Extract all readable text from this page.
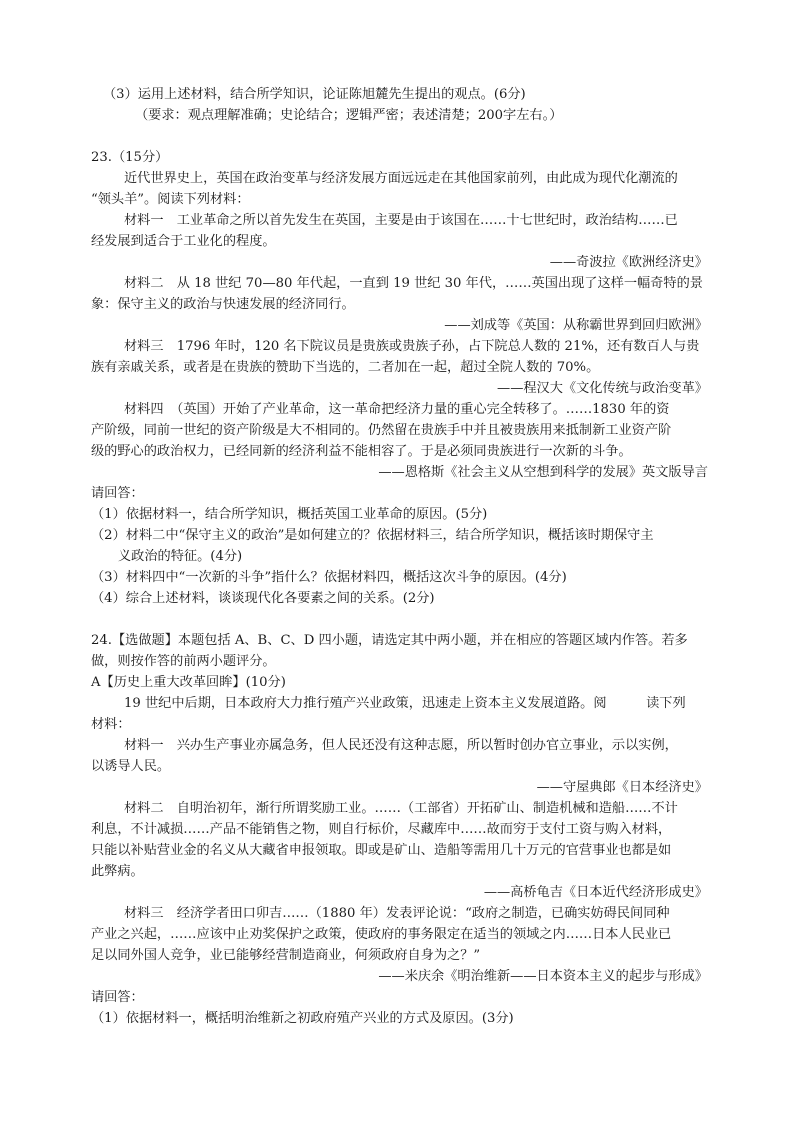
（3）运用上述材料，结合所学知识，论证陈旭麓先生提出的观点。(6分)
（要求：观点理解准确；史论结合；逻辑严密；表述清楚；200字左右。）
23.（15分）
近代世界史上，英国在政治变革与经济发展方面远远走在其他国家前列，由此成为现代化潮流的
“领头羊”。阅读下列材料：
材料一　工业革命之所以首先发生在英国，主要是由于该国在……十七世纪时，政治结构……已
经发展到适合于工业化的程度。
——奇波拉《欧洲经济史》
材料二　从 18 世纪 70—80 年代起，一直到 19 世纪 30 年代，……英国出现了这样一幅奇特的景
象：保守主义的政治与快速发展的经济同行。
——刘成等《英国：从称霸世界到回归欧洲》
材料三　1796 年时，120 名下院议员是贵族或贵族子孙，占下院总人数的 21%，还有数百人与贵
族有亲戚关系，或者是在贵族的赞助下当选的，二者加在一起，超过全院人数的 70%。
——程汉大《文化传统与政治变革》
材料四　（英国）开始了产业革命，这一革命把经济力量的重心完全转移了。……1830 年的资
产阶级，同前一世纪的资产阶级是大不相同的。仍然留在贵族手中并且被贵族用来抵制新工业资产阶
级的野心的政治权力，已经同新的经济利益不能相容了。于是必须同贵族进行一次新的斗争。
——恩格斯《社会主义从空想到科学的发展》英文版导言
请回答：
（1）依据材料一，结合所学知识，概括英国工业革命的原因。(5分)
（2）材料二中“保守主义的政治”是如何建立的？依据材料三，结合所学知识，概括该时期保守主
义政治的特征。(4分)
（3）材料四中“一次新的斗争”指什么？依据材料四，概括这次斗争的原因。(4分)
（4）综合上述材料，谈谈现代化各要素之间的关系。(2分)
24.【选做题】本题包括 A、B、C、D 四小题，请选定其中两小题，并在相应的答题区域内作答。若多
做，则按作答的前两小题评分。
A【历史上重大改革回眸】(10分)
19 世纪中后期，日本政府大力推行殖产兴业政策，迅速走上资本主义发展道路。阅　　　读下列
材料：
材料一　兴办生产事业亦属急务，但人民还没有这种志愿，所以暂时创办官立事业，示以实例，
以诱导人民。
——守屋典郎《日本经济史》
材料二　自明治初年，渐行所谓奖励工业。……（工部省）开拓矿山、制造机械和造船……不计
利息，不计减损……产品不能销售之物，则自行标价，尽藏库中……故而穷于支付工资与购入材料，
只能以补贴营业金的名义从大藏省申报领取。即或是矿山、造船等需用几十万元的官营事业也都是如
此弊病。
——高桥龟吉《日本近代经济形成史》
材料三　经济学者田口卯吉……（1880 年）发表评论说：“政府之制造，已确实妨碍民间同种
产业之兴起，……应该中止劝奖保护之政策，使政府的事务限定在适当的领域之内……日本人民业已
足以同外国人竞争，业已能够经营制造商业，何须政府自身为之？”
——米庆余《明治维新——日本资本主义的起步与形成》
请回答：
（1）依据材料一，概括明治维新之初政府殖产兴业的方式及原因。(3分)
